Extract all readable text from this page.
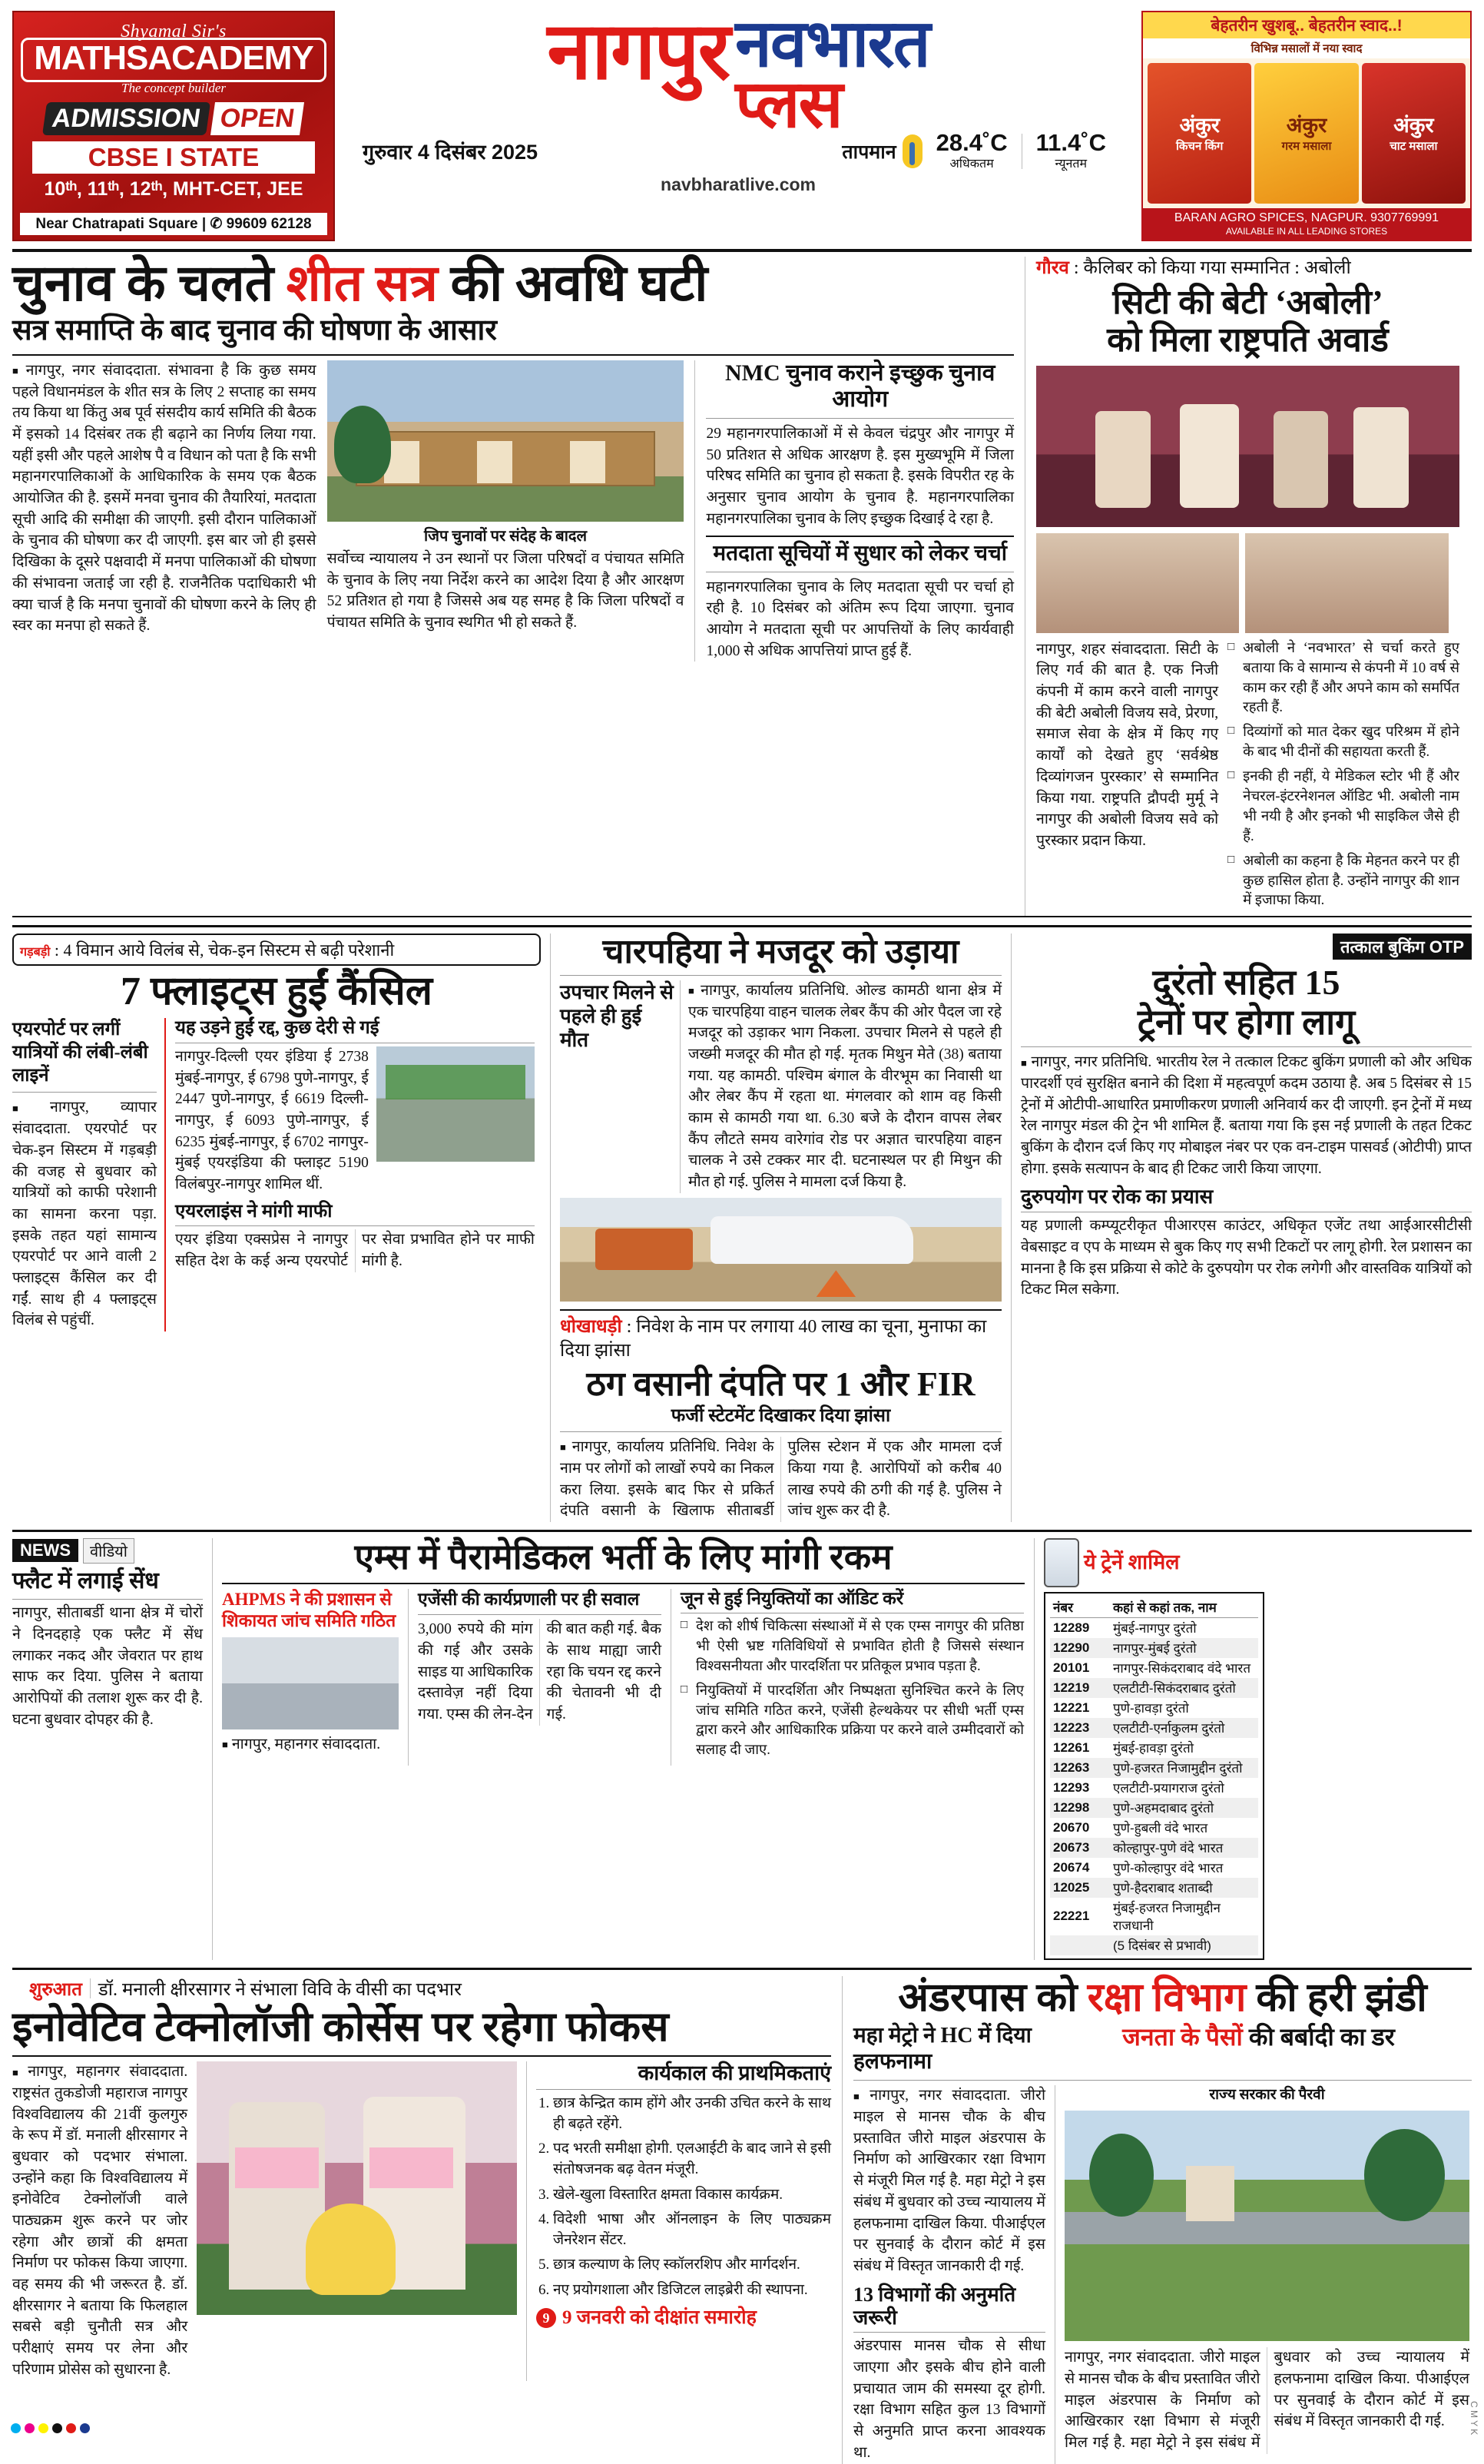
Shyamal Sir's
MATHSACADEMY
The concept builder
ADMISSION OPEN
CBSE I STATE
10ᵗʰ, 11ᵗʰ, 12ᵗʰ, MHT-CET, JEE
Near Chatrapati Square | ✆ 99609 62128
नागपुर नवभारत
प्लस
गुरुवार 4 दिसंबर 2025	तापमान	28.4˚C
अधिकतम
11.4˚C
न्यूनतम
navbharatlive.com
बेहतरीन खुशबू.. बेहतरीन स्वाद..!
विभिन्न मसालों में नया स्वाद
अंकुर
किचन किंग
अंकुर
गरम मसाला
अंकुर
चाट मसाला
BARAN AGRO SPICES, NAGPUR. 9307769991
AVAILABLE IN ALL LEADING STORES
चुनाव के चलते शीत सत्र की अवधि घटी
सत्र समाप्ति के बाद चुनाव की घोषणा के आसार
■ नागपुर, नगर संवाददाता. संभावना है कि कुछ समय पहले विधानमंडल के शीत सत्र के लिए 2 सप्ताह का समय तय किया था किंतु अब पूर्व संसदीय कार्य समिति की बैठक में इसको 14 दिसंबर तक ही बढ़ाने का निर्णय लिया गया. यहीं इसी और पहले आशेष पै व विधान को पता है कि सभी महानगरपालिकाओं के आधिकारिक के समय एक बैठक आयोजित की है. इसमें मनवा चुनाव की तैयारियां, मतदाता सूची आदि की समीक्षा की जाएगी. इसी दौरान पालिकाओं के चुनाव की घोषणा कर दी जाएगी. इस बार जो ही इससे दिखिका के दूसरे पक्षवादी में मनपा पालिकाओं की घोषणा की संभावना जताई जा रही है. राजनैतिक पदाधिकारी भी क्या चार्ज है कि मनपा चुनावों की घोषणा करने के लिए ही स्वर का मनपा हो सकते हैं.
जिप चुनावों पर संदेह के बादल
सर्वोच्च न्यायालय ने उन स्थानों पर जिला परिषदों व पंचायत समिति के चुनाव के लिए नया निर्देश करने का आदेश दिया है और आरक्षण 52 प्रतिशत हो गया है जिससे अब यह समह है कि जिला परिषदों व पंचायत समिति के चुनाव स्थगित भी हो सकते हैं.
NMC चुनाव कराने इच्छुक चुनाव आयोग
29 महानगरपालिकाओं में से केवल चंद्रपुर और नागपुर में 50 प्रतिशत से अधिक आरक्षण है. इस मुख्यभूमि में जिला परिषद समिति का चुनाव हो सकता है. इसके विपरीत रह के अनुसार चुनाव आयोग के चुनाव है. महानगरपालिका महानगरपालिका चुनाव के लिए इच्छुक दिखाई दे रहा है.
मतदाता सूचियों में सुधार को लेकर चर्चा
महानगरपालिका चुनाव के लिए मतदाता सूची पर चर्चा हो रही है. 10 दिसंबर को अंतिम रूप दिया जाएगा. चुनाव आयोग ने मतदाता सूची पर आपत्तियों के लिए कार्यवाही 1,000 से अधिक आपत्तियां प्राप्त हुई हैं.
गौरव : कैलिबर को किया गया सम्मानित : अबोली
सिटी की बेटी ‘अबोली’
को मिला राष्ट्रपति अवार्ड
नागपुर, शहर संवाददाता. सिटी के लिए गर्व की बात है. एक निजी कंपनी में काम करने वाली नागपुर की बेटी अबोली विजय सवे, प्रेरणा, समाज सेवा के क्षेत्र में किए गए कार्यों को देखते हुए ‘सर्वश्रेष्ठ दिव्यांगजन पुरस्कार’ से सम्मानित किया गया. राष्ट्रपति द्रौपदी मुर्मू ने नागपुर की अबोली विजय सवे को पुरस्कार प्रदान किया.
□ अबोली ने ‘नवभारत’ से चर्चा करते हुए बताया कि वे सामान्य से कंपनी में 10 वर्ष से काम कर रही हैं और अपने काम को समर्पित रहती हैं.
□ दिव्यांगों को मात देकर खुद परिश्रम में होने के बाद भी दीनों की सहायता करती हैं.
□ इनकी ही नहीं, ये मेडिकल स्टोर भी हैं और नेचरल-इंटरनेशनल ऑडिट भी. अबोली नाम भी नयी है और इनको भी साइकिल जैसे ही हैं.
□ अबोली का कहना है कि मेहनत करने पर ही कुछ हासिल होता है. उन्होंने नागपुर की शान में इजाफा किया.
गड़बड़ी : 4 विमान आये विलंब से, चेक-इन सिस्टम से बढ़ी परेशानी
7 फ्लाइट्स हुईं कैंसिल
एयरपोर्ट पर लगीं यात्रियों की लंबी-लंबी लाइनें
■ नागपुर, व्यापार संवाददाता. एयरपोर्ट पर चेक-इन सिस्टम में गड़बड़ी की वजह से बुधवार को यात्रियों को काफी परेशानी का सामना करना पड़ा. इसके तहत यहां सामान्य एयरपोर्ट पर आने वाली 2 फ्लाइट्स कैंसिल कर दी गईं. साथ ही 4 फ्लाइट्स विलंब से पहुंचीं.
यह उड़ने हुईं रद्द, कुछ देरी से गई
नागपुर-दिल्ली एयर इंडिया ई 2738 मुंबई-नागपुर, ई 6798 पुणे-नागपुर, ई 2447 पुणे-नागपुर, ई 6619 दिल्ली-नागपुर, ई 6093 पुणे-नागपुर, ई 6235 मुंबई-नागपुर, ई 6702 नागपुर-मुंबई एयरइंडिया की फ्लाइट 5190 विलंबपुर-नागपुर शामिल थीं.
एयरलाइंस ने मांगी माफी
एयर इंडिया एक्सप्रेस ने नागपुर सहित देश के कई अन्य एयरपोर्ट पर सेवा प्रभावित होने पर माफी मांगी है.
चारपहिया ने मजदूर को उड़ाया
उपचार मिलने से पहले ही हुई मौत
■ नागपुर, कार्यालय प्रतिनिधि. ओल्ड कामठी थाना क्षेत्र में एक चारपहिया वाहन चालक लेबर कैंप की ओर पैदल जा रहे मजदूर को उड़ाकर भाग निकला. उपचार मिलने से पहले ही जख्मी मजदूर की मौत हो गई. मृतक मिथुन मेते (38) बताया गया. यह कामठी. पश्चिम बंगाल के वीरभूम का निवासी था और लेबर कैंप में रहता था. मंगलवार को शाम वह किसी काम से कामठी गया था. 6.30 बजे के दौरान वापस लेबर कैंप लौटते समय वारेगांव रोड पर अज्ञात चारपहिया वाहन चालक ने उसे टक्कर मार दी. घटनास्थल पर ही मिथुन की मौत हो गई. पुलिस ने मामला दर्ज किया है.
धोखाधड़ी : निवेश के नाम पर लगाया 40 लाख का चूना, मुनाफा का दिया झांसा
ठग वसानी दंपति पर 1 और FIR
फर्जी स्टेटमेंट दिखाकर दिया झांसा
■ नागपुर, कार्यालय प्रतिनिधि. निवेश के नाम पर लोगों को लाखों रुपये का निकल करा लिया. इसके बाद फिर से प्रकिर्त दंपति वसानी के खिलाफ सीताबर्डी पुलिस स्टेशन में एक और मामला दर्ज किया गया है. आरोपियों को करीब 40 लाख रुपये की ठगी की गई है. पुलिस ने जांच शुरू कर दी है.
तत्काल बुकिंग OTP
दुरंतो सहित 15
ट्रेनों पर होगा लागू
■ नागपुर, नगर प्रतिनिधि. भारतीय रेल ने तत्काल टिकट बुकिंग प्रणाली को और अधिक पारदर्शी एवं सुरक्षित बनाने की दिशा में महत्वपूर्ण कदम उठाया है. अब 5 दिसंबर से 15 ट्रेनों में ओटीपी-आधारित प्रमाणीकरण प्रणाली अनिवार्य कर दी जाएगी. इन ट्रेनों में मध्य रेल नागपुर मंडल की ट्रेन भी शामिल हैं. बताया गया कि इस नई प्रणाली के तहत टिकट बुकिंग के दौरान दर्ज किए गए मोबाइल नंबर पर एक वन-टाइम पासवर्ड (ओटीपी) प्राप्त होगा. इसके सत्यापन के बाद ही टिकट जारी किया जाएगा.
दुरुपयोग पर रोक का प्रयास
यह प्रणाली कम्प्यूटरीकृत पीआरएस काउंटर, अधिकृत एजेंट तथा आईआरसीटीसी वेबसाइट व एप के माध्यम से बुक किए गए सभी टिकटों पर लागू होगी. रेल प्रशासन का मानना है कि इस प्रक्रिया से कोटे के दुरुपयोग पर रोक लगेगी और वास्तविक यात्रियों को टिकट मिल सकेगा.
NEWS	वीडियो
फ्लैट में लगाई सेंध
नागपुर, सीताबर्डी थाना क्षेत्र में चोरों ने दिनदहाड़े एक फ्लैट में सेंध लगाकर नकद और जेवरात पर हाथ साफ कर दिया. पुलिस ने बताया आरोपियों की तलाश शुरू कर दी है. घटना बुधवार दोपहर की है.
एम्स में पैरामेडिकल भर्ती के लिए मांगी रकम
AHPMS ने की प्रशासन से शिकायत जांच समिति गठित
■ नागपुर, महानगर संवाददाता.
एजेंसी की कार्यप्रणाली पर ही सवाल
3,000 रुपये की मांग की गई और उसके साइड या आधिकारिक दस्तावेज़ नहीं दिया गया. एम्स की लेन-देन की बात कही गई. बैक के साथ माह्या जारी रहा कि चयन रद्द करने की चेतावनी भी दी गई.
जून से हुई नियुक्तियों का ऑडिट करें
□ देश को शीर्ष चिकित्सा संस्थाओं में से एक एम्स नागपुर की प्रतिष्ठा भी ऐसी भ्रष्ट गतिविधियों से प्रभावित होती है जिससे संस्थान विश्वसनीयता और पारदर्शिता पर प्रतिकूल प्रभाव पड़ता है.
□ नियुक्तियों में पारदर्शिता और निष्पक्षता सुनिश्चित करने के लिए जांच समिति गठित करने, एजेंसी हेल्थकेयर पर सीधी भर्ती एम्स द्वारा करने और आधिकारिक प्रक्रिया पर करने वाले उम्मीदवारों को सलाह दी जाए.
ये ट्रेनें शामिल
नंबर	कहां से कहां तक, नाम
12289	मुंबई-नागपुर दुरंतो
12290	नागपुर-मुंबई दुरंतो
20101	नागपुर-सिकंदराबाद वंदे भारत
12219	एलटीटी-सिकंदराबाद दुरंतो
12221	पुणे-हावड़ा दुरंतो
12223	एलटीटी-एर्नाकुलम दुरंतो
12261	मुंबई-हावड़ा दुरंतो
12263	पुणे-हजरत निजामुद्दीन दुरंतो
12293	एलटीटी-प्रयागराज दुरंतो
12298	पुणे-अहमदाबाद दुरंतो
20670	पुणे-हुबली वंदे भारत
20673	कोल्हापुर-पुणे वंदे भारत
20674	पुणे-कोल्हापुर वंदे भारत
12025	पुणे-हैदराबाद शताब्दी
22221	मुंबई-हजरत निजामुद्दीन राजधानी
	(5 दिसंबर से प्रभावी)
शुरुआत डॉ. मनाली क्षीरसागर ने संभाला विवि के वीसी का पदभार
इनोवेटिव टेक्नोलॉजी कोर्सेस पर रहेगा फोकस
■ नागपुर, महानगर संवाददाता. राष्ट्रसंत तुकडोजी महाराज नागपुर विश्वविद्यालय की 21वीं कुलगुरु के रूप में डॉ. मनाली क्षीरसागर ने बुधवार को पदभार संभाला. उन्होंने कहा कि विश्वविद्यालय में इनोवेटिव टेक्नोलॉजी वाले पाठ्यक्रम शुरू करने पर जोर रहेगा और छात्रों की क्षमता निर्माण पर फोकस किया जाएगा. वह समय की भी जरूरत है. डॉ. क्षीरसागर ने बताया कि फिलहाल सबसे बड़ी चुनौती सत्र और परीक्षाएं समय पर लेना और परिणाम प्रोसेस को सुधारना है.
कार्यकाल की प्राथमिकताएं
1. छात्र केन्द्रित काम होंगे और उनकी उचित करने के साथ ही बढ़ते रहेंगे.
2. पद भरती समीक्षा होगी. एलआईटी के बाद जाने से इसी संतोषजनक बढ़ वेतन मंजूरी.
3. खेले-खुला विस्तारित क्षमता विकास कार्यक्रम.
4. विदेशी भाषा और ऑनलाइन के लिए पाठ्यक्रम जेनरेशन सेंटर.
5. छात्र कल्याण के लिए स्कॉलरशिप और मार्गदर्शन.
6. नए प्रयोगशाला और डिजिटल लाइब्रेरी की स्थापना.
9 9 जनवरी को दीक्षांत समारोह
अंडरपास को रक्षा विभाग की हरी झंडी
महा मेट्रो ने HC में दिया हलफनामा
जनता के पैसों की बर्बादी का डर
■ नागपुर, नगर संवाददाता. जीरो माइल से मानस चौक के बीच प्रस्तावित जीरो माइल अंडरपास के निर्माण को आखिरकार रक्षा विभाग से मंजूरी मिल गई है. महा मेट्रो ने इस संबंध में बुधवार को उच्च न्यायालय में हलफनामा दाखिल किया. पीआईएल पर सुनवाई के दौरान कोर्ट में इस संबंध में विस्तृत जानकारी दी गई.
13 विभागों की अनुमति जरूरी
अंडरपास मानस चौक से सीधा जाएगा और इसके बीच होने वाली प्रचायात जाम की समस्या दूर होगी. रक्षा विभाग सहित कुल 13 विभागों से अनुमति प्राप्त करना आवश्यक था.
राज्य सरकार की पैरवी
नागपुर, नगर संवाददाता. जीरो माइल से मानस चौक के बीच प्रस्तावित जीरो माइल अंडरपास के निर्माण को आखिरकार रक्षा विभाग से मंजूरी मिल गई है. महा मेट्रो ने इस संबंध में बुधवार को उच्च न्यायालय में हलफनामा दाखिल किया. पीआईएल पर सुनवाई के दौरान कोर्ट में इस संबंध में विस्तृत जानकारी दी गई.	C M Y K
